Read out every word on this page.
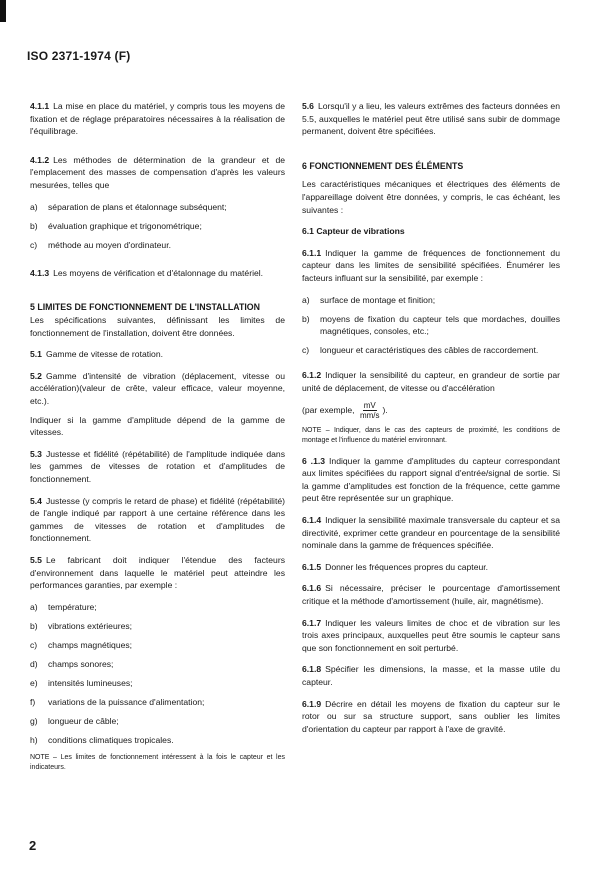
ISO 2371-1974 (F)

4.1.1 La mise en place du matériel, y compris tous les moyens de fixation et de réglage préparatoires nécessaires à la réalisation de l'équilibrage.

4.1.2 Les méthodes de détermination de la grandeur et de l'emplacement des masses de compensation d'après les valeurs mesurées, telles que

a)	séparation de plans et étalonnage subséquent;
b)	évaluation graphique et trigonométrique;
c)	méthode au moyen d'ordinateur.

4.1.3 Les moyens de vérification et d'étalonnage du matériel.

5 LIMITES DE FONCTIONNEMENT DE L'INSTALLATION

Les spécifications suivantes, définissant les limites de fonctionnement de l'installation, doivent être données.

5.1 Gamme de vitesse de rotation.

5.2 Gamme d'intensité de vibration (déplacement, vitesse ou accélération)(valeur de crête, valeur efficace, valeur moyenne, etc.).

Indiquer si la gamme d'amplitude dépend de la gamme de vitesses.

5.3 Justesse et fidélité (répétabilité) de l'amplitude indiquée dans les gammes de vitesses de rotation et d'amplitudes de fonctionnement.

5.4 Justesse (y compris le retard de phase) et fidélité (répétabilité) de l'angle indiqué par rapport à une certaine référence dans les gammes de vitesses de rotation et d'amplitudes de fonctionnement.

5.5 Le fabricant doit indiquer l'étendue des facteurs d'environnement dans laquelle le matériel peut atteindre les performances garanties, par exemple :

a)	température;
b)	vibrations extérieures;
c)	champs magnétiques;
d)	champs sonores;
e)	intensités lumineuses;
f)	variations de la puissance d'alimentation;
g)	longueur de câble;
h)	conditions climatiques tropicales.

NOTE – Les limites de fonctionnement intéressent à la fois le capteur et les indicateurs.

5.6 Lorsqu'il y a lieu, les valeurs extrêmes des facteurs données en 5.5, auxquelles le matériel peut être utilisé sans subir de dommage permanent, doivent être spécifiées.

6 FONCTIONNEMENT DES ÉLÉMENTS

Les caractéristiques mécaniques et électriques des éléments de l'appareillage doivent être données, y compris, le cas échéant, les suivantes :

6.1 Capteur de vibrations

6.1.1 Indiquer la gamme de fréquences de fonctionnement du capteur dans les limites de sensibilité spécifiées. Énumérer les facteurs influant sur la sensibilité, par exemple :

a)	surface de montage et finition;
b)	moyens de fixation du capteur tels que mordaches, douilles magnétiques, consoles, etc.;
c)	longueur et caractéristiques des câbles de raccordement.

6.1.2 Indiquer la sensibilité du capteur, en grandeur de sortie par unité de déplacement, de vitesse ou d'accélération

(par exemple, $\frac{mV}{mm/s}$ ).

NOTE – Indiquer, dans le cas des capteurs de proximité, les conditions de montage et l'influence du matériel environnant.

6 .1.3 Indiquer la gamme d'amplitudes du capteur correspondant aux limites spécifiées du rapport signal d'entrée/signal de sortie. Si la gamme d'amplitudes est fonction de la fréquence, cette gamme peut être représentée sur un graphique.

6.1.4 Indiquer la sensibilité maximale transversale du capteur et sa directivité, exprimer cette grandeur en pourcentage de la sensibilité nominale dans la gamme de fréquences spécifiée.

6.1.5 Donner les fréquences propres du capteur.

6.1.6 Si nécessaire, préciser le pourcentage d'amortissement critique et la méthode d'amortissement (huile, air, magnétisme).

6.1.7 Indiquer les valeurs limites de choc et de vibration sur les trois axes principaux, auxquelles peut être soumis le capteur sans que son fonctionnement en soit perturbé.

6.1.8 Spécifier les dimensions, la masse, et la masse utile du capteur.

6.1.9 Décrire en détail les moyens de fixation du capteur sur le rotor ou sur sa structure support, sans oublier les limites d'orientation du capteur par rapport à l'axe de gravité.

2
